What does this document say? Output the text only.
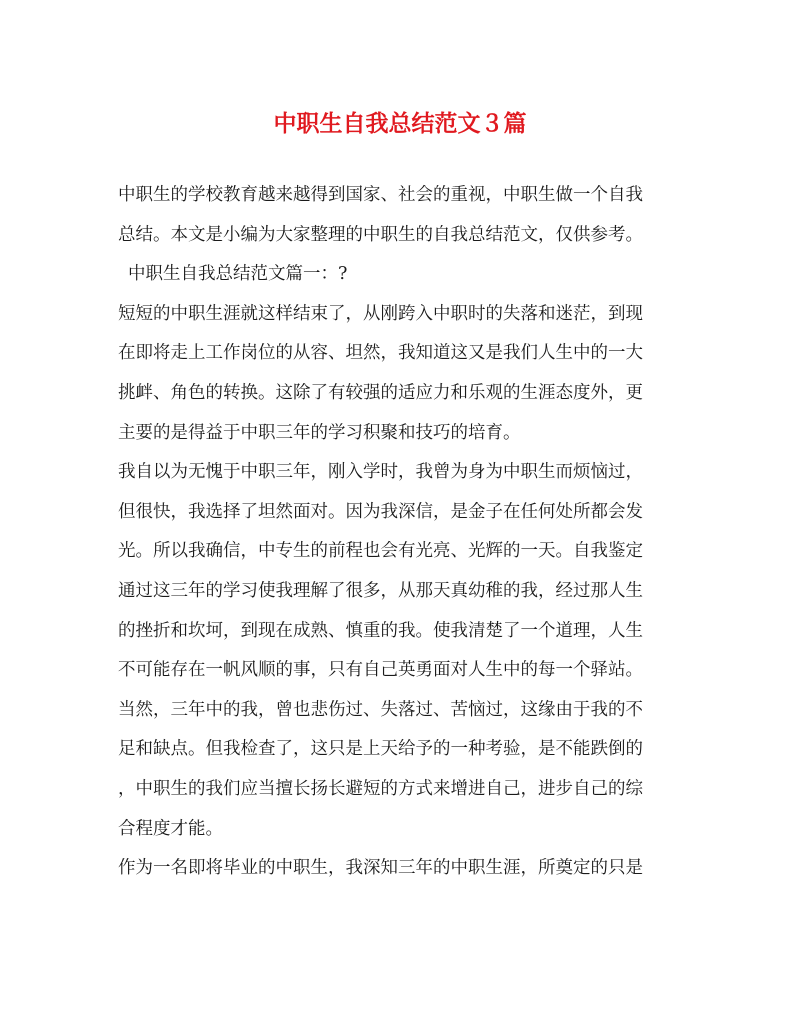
中职生自我总结范文３篇
中职生的学校教育越来越得到国家、社会的重视，中职生做一个自我
总结。本文是小编为大家整理的中职生的自我总结范文，仅供参考。
中职生自我总结范文篇一：?
短短的中职生涯就这样结束了，从刚跨入中职时的失落和迷茫，到现
在即将走上工作岗位的从容、坦然，我知道这又是我们人生中的一大
挑衅、角色的转换。这除了有较强的适应力和乐观的生涯态度外，更
主要的是得益于中职三年的学习积聚和技巧的培育。
我自以为无愧于中职三年，刚入学时，我曾为身为中职生而烦恼过，
但很快，我选择了坦然面对。因为我深信，是金子在任何处所都会发
光。所以我确信，中专生的前程也会有光亮、光辉的一天。自我鉴定
通过这三年的学习使我理解了很多，从那天真幼稚的我，经过那人生
的挫折和坎坷，到现在成熟、慎重的我。使我清楚了一个道理，人生
不可能存在一帆风顺的事，只有自己英勇面对人生中的每一个驿站。
当然，三年中的我，曾也悲伤过、失落过、苦恼过，这缘由于我的不
足和缺点。但我检查了，这只是上天给予的一种考验，是不能跌倒的
，中职生的我们应当擅长扬长避短的方式来增进自己，进步自己的综
合程度才能。
作为一名即将毕业的中职生，我深知三年的中职生涯，所奠定的只是
